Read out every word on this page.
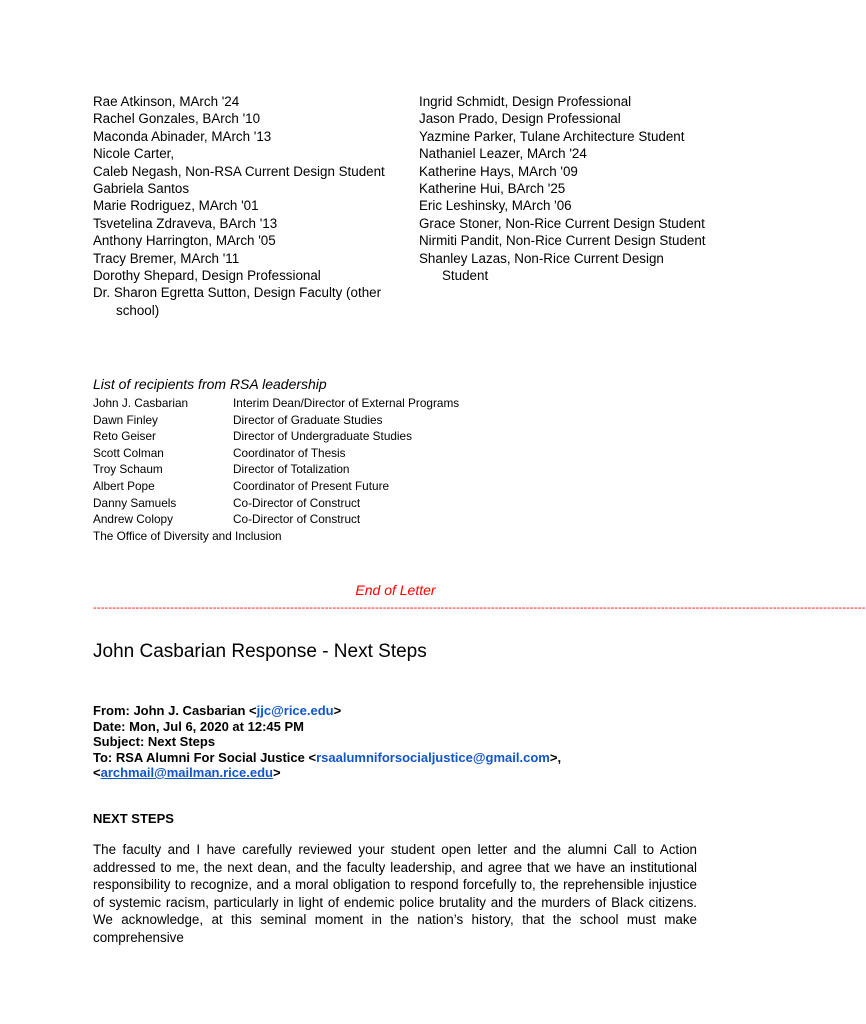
Rae Atkinson, MArch '24
Rachel Gonzales, BArch '10
Maconda Abinader, MArch '13
Nicole Carter,
Caleb Negash, Non-RSA Current Design Student
Gabriela Santos
Marie Rodriguez, MArch '01
Tsvetelina Zdraveva, BArch '13
Anthony Harrington, MArch '05
Tracy Bremer, MArch '11
Dorothy Shepard, Design Professional
Dr. Sharon Egretta Sutton, Design Faculty (other school)
Ingrid Schmidt, Design Professional
Jason Prado, Design Professional
Yazmine Parker, Tulane Architecture Student
Nathaniel Leazer, MArch '24
Katherine Hays, MArch '09
Katherine Hui, BArch '25
Eric Leshinsky, MArch '06
Grace Stoner, Non-Rice Current Design Student
Nirmiti Pandit, Non-Rice Current Design Student
Shanley Lazas, Non-Rice Current Design Student
List of recipients from RSA leadership
John J. Casbarian	Interim Dean/Director of External Programs
Dawn Finley	Director of Graduate Studies
Reto Geiser	Director of Undergraduate Studies
Scott Colman	Coordinator of Thesis
Troy Schaum	Director of Totalization
Albert Pope	Coordinator of Present Future
Danny Samuels	Co-Director of Construct
Andrew Colopy	Co-Director of Construct
The Office of Diversity and Inclusion
End of Letter
--------------------------------------------------------------------------------------------------------------------------------------------------------------------------------------------------------
John Casbarian Response - Next Steps
From: John J. Casbarian <jjc@rice.edu>
Date: Mon, Jul 6, 2020 at 12:45 PM
Subject: Next Steps
To: RSA Alumni For Social Justice <rsaalumniforsocialjustice@gmail.com>,
<archmail@mailman.rice.edu>
NEXT STEPS
The faculty and I have carefully reviewed your student open letter and the alumni Call to Action addressed to me, the next dean, and the faculty leadership, and agree that we have an institutional responsibility to recognize, and a moral obligation to respond forcefully to, the reprehensible injustice of systemic racism, particularly in light of endemic police brutality and the murders of Black citizens. We acknowledge, at this seminal moment in the nation’s history, that the school must make comprehensive
